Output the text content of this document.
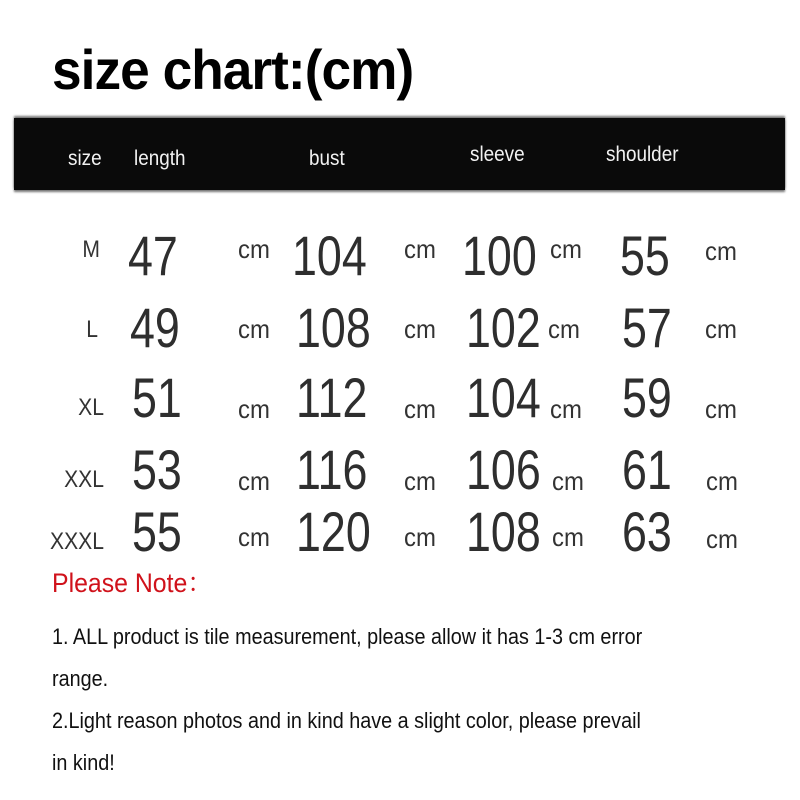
size chart:(cm)
size length	bust	sleeve	shoulder
M 47 cm 104 cm 100 cm 55 cm
L 49 cm 108 cm 102 cm 57 cm
XL 51 cm 112 cm 104 cm 59 cm
XXL 53 cm 116 cm 106 cm 61 cm
XXXL 55 cm 120 cm 108 cm 63 cm
Please Note：
1. ALL product is tile measurement, please allow it has 1-3 cm error
range.
2.Light reason photos and in kind have a slight color, please prevail
in kind!
